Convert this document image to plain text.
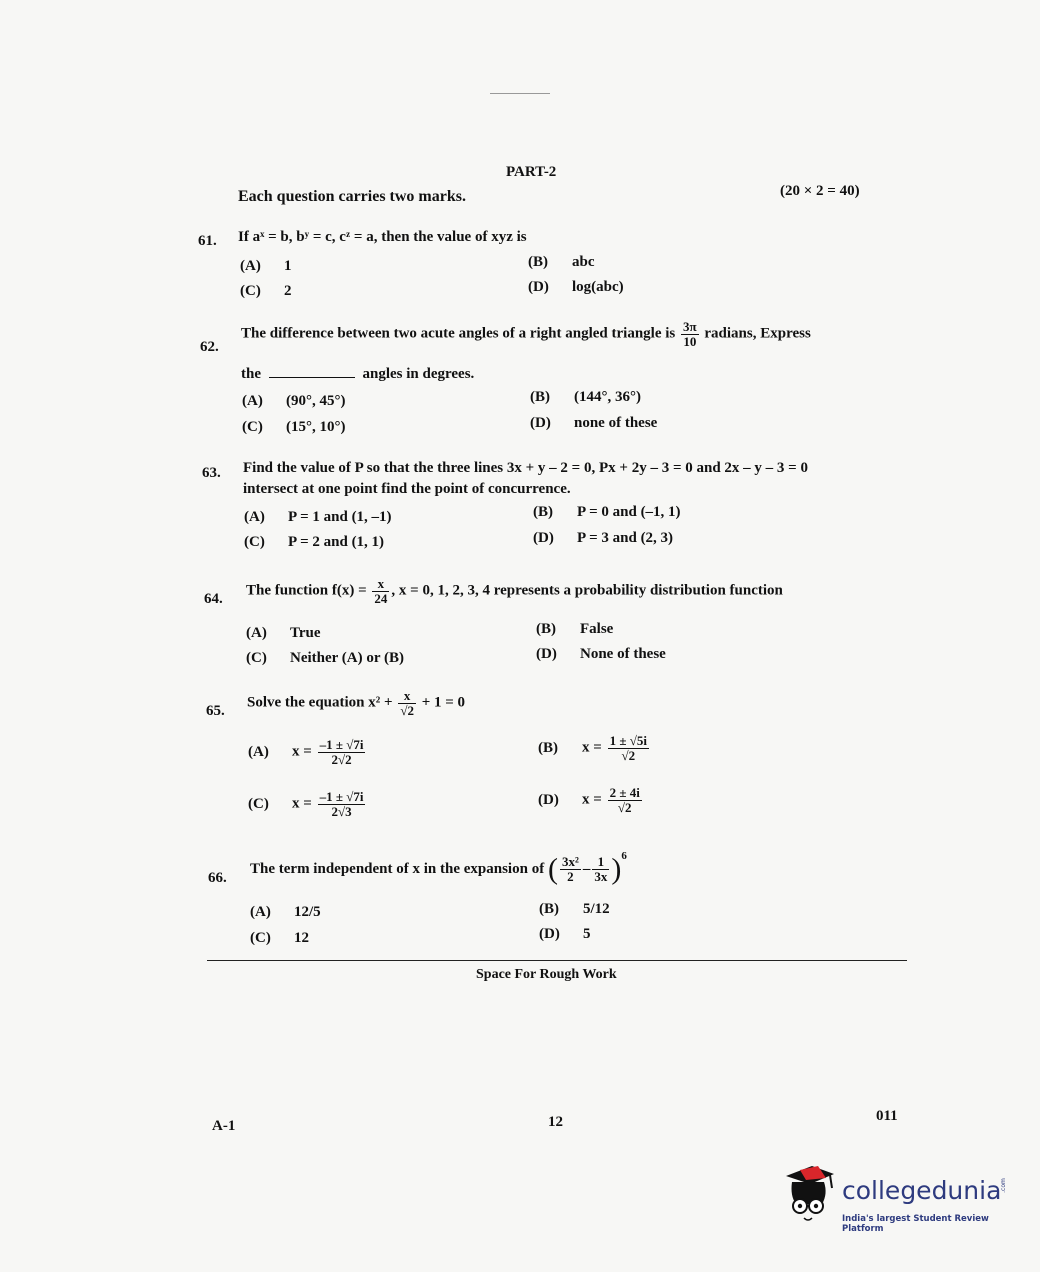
PART-2
Each question carries two marks.	(20 × 2 = 40)
61. If aˣ = b, bʸ = c, cᶻ = a, then the value of xyz is
(A) 1	(B) abc
(C) 2	(D) log(abc)
62.
The difference between two acute angles of a right angled triangle is $\frac{3\pi}{10}$ radians, Express
the	angles in degrees.
(A) (90°, 45°)	(B) (144°, 36°)
(C) (15°, 10°)	(D) none of these
63. Find the value of P so that the three lines 3x + y – 2 = 0, Px + 2y – 3 = 0 and 2x – y – 3 = 0
intersect at one point find the point of concurrence.
(A) P = 1 and (1, –1)	(B) P = 0 and (–1, 1)
(C) P = 2 and (1, 1)	(D) P = 3 and (2, 3)
64.
The function $f(x) = \frac{x}{24}$ , x = 0, 1, 2, 3, 4 represents a probability distribution function
(A) True	(B) False
(C) Neither (A) or (B)	(D) None of these
65.
Solve the equation $x^2 + \frac{x}{√2} + 1 = 0$
(A) $x = \frac{-1 \pm √7i}{2√2}$	(B) $x = \frac{1 \pm √5i}{√2}$
(C) $x = \frac{-1 \pm √7i}{2√3}$	(D) $x = \frac{2 \pm 4i}{√2}$
66.
The term independent of x in the expansion of ( $\frac{\text{3x²}}{2} - \frac{1}{3x} )^6$
(A) 12/5	(B) 5/12
(C) 12	(D) 5
Space For Rough Work
A-1	12	011
collegedunia
.com
India's largest Student Review Platform
